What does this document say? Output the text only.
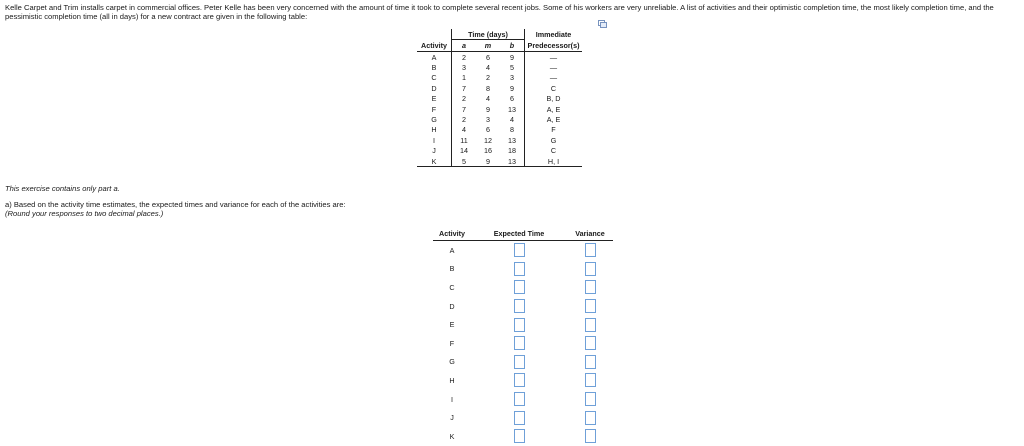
Kelle Carpet and Trim installs carpet in commercial offices. Peter Kelle has been very concerned with the amount of time it took to complete several recent jobs. Some of his workers are very unreliable. A list of activities and their optimistic completion time, the most likely completion time, and the pessimistic completion time (all in days) for a new contract are given in the following table:
	Time (days)			Immediate
Activity	a	m	b	Predecessor(s)
A	2	6	9	—
B	3	4	5	—
C	1	2	3	—
D	7	8	9	C
E	2	4	6	B, D
F	7	9	13	A, E
G	2	3	4	A, E
H	4	6	8	F
I	11	12	13	G
J	14	16	18	C
K	5	9	13	H, I
This exercise contains only part a.
a) Based on the activity time estimates, the expected times and variance for each of the activities are:
(Round your responses to two decimal places.)
Activity	Expected Time	Variance
A		
B		
C		
D		
E		
F		
G		
H		
I		
J		
K		
